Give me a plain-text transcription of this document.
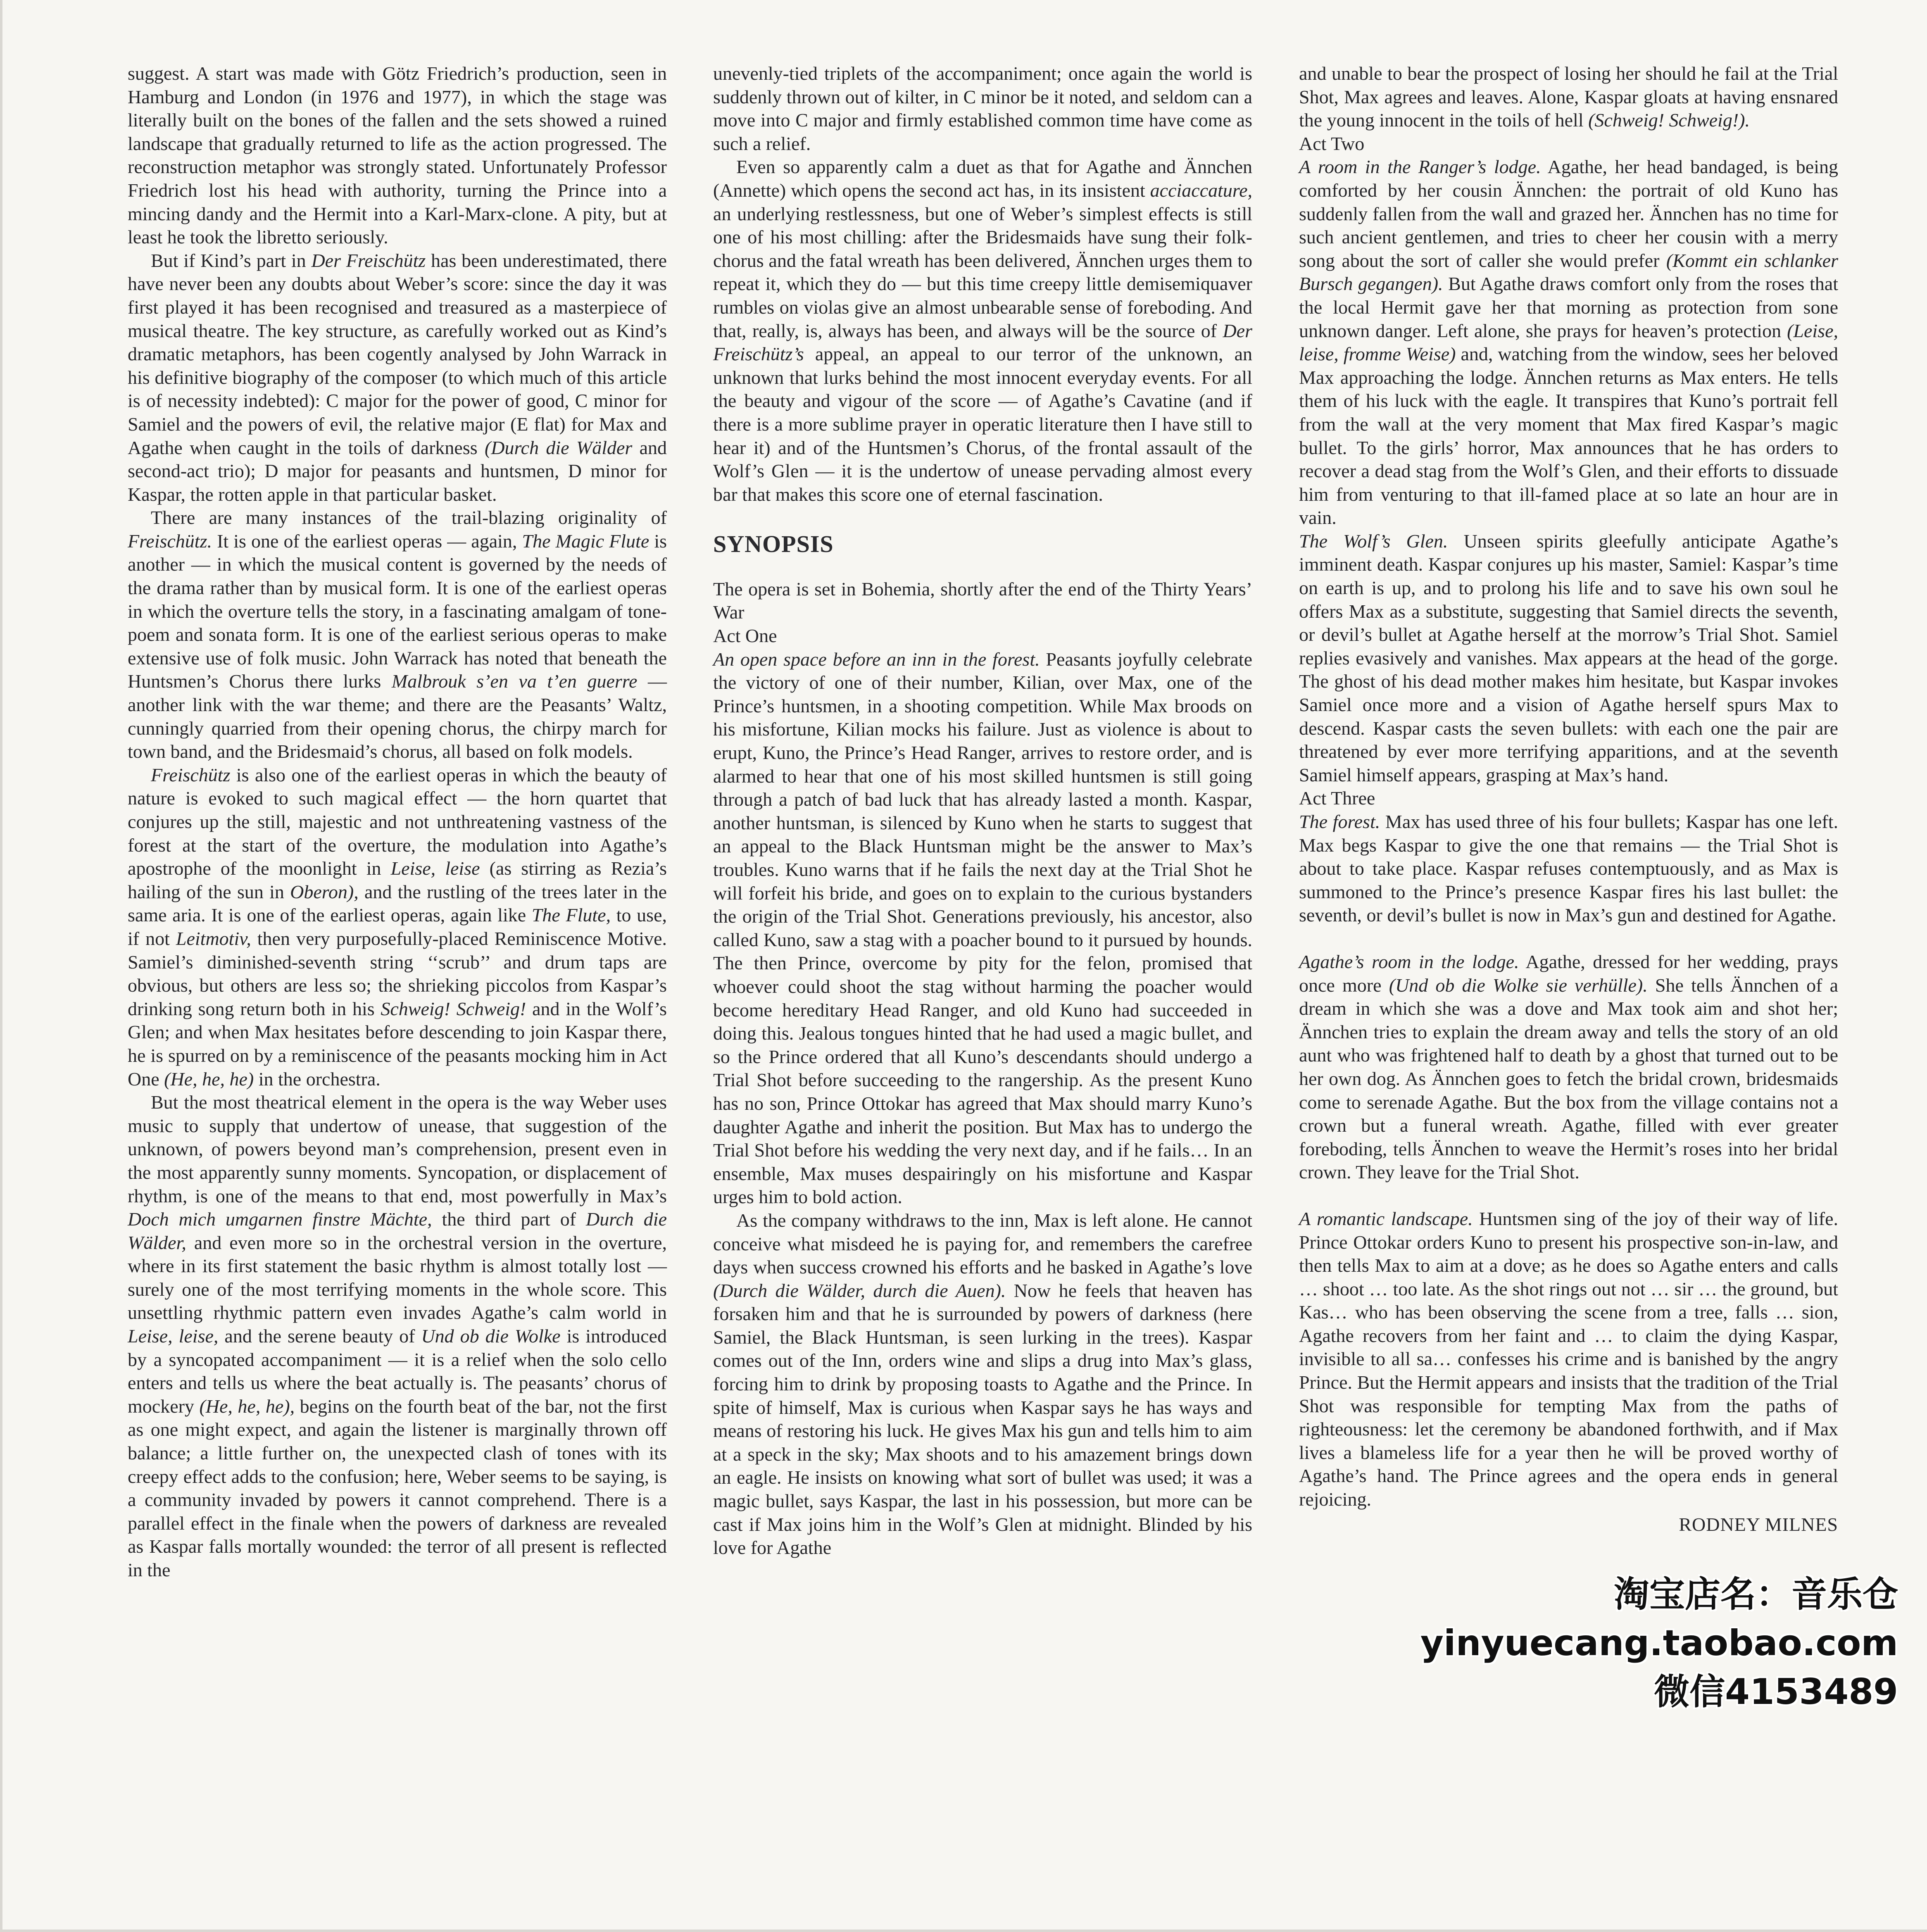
suggest. A start was made with Götz Friedrich’s production, seen in Hamburg and London (in 1976 and 1977), in which the stage was literally built on the bones of the fallen and the sets showed a ruined landscape that gradually returned to life as the action progressed. The reconstruction metaphor was strongly stated. Unfortunately Professor Friedrich lost his head with authority, turning the Prince into a mincing dandy and the Hermit into a Karl-Marx-clone. A pity, but at least he took the libretto seriously.

But if Kind’s part in Der Freischütz has been underestimated, there have never been any doubts about Weber’s score: since the day it was first played it has been recognised and treasured as a masterpiece of musical theatre. The key structure, as carefully worked out as Kind’s dramatic metaphors, has been cogently analysed by John Warrack in his definitive biography of the composer (to which much of this article is of necessity indebted): C major for the power of good, C minor for Samiel and the powers of evil, the relative major (E flat) for Max and Agathe when caught in the toils of darkness (Durch die Wälder and second-act trio); D major for peasants and huntsmen, D minor for Kaspar, the rotten apple in that particular basket.

There are many instances of the trail-blazing originality of Freischütz. It is one of the earliest operas — again, The Magic Flute is another — in which the musical content is governed by the needs of the drama rather than by musical form. It is one of the earliest operas in which the overture tells the story, in a fascinating amalgam of tone-poem and sonata form. It is one of the earliest serious operas to make extensive use of folk music. John Warrack has noted that beneath the Huntsmen’s Chorus there lurks Malbrouk s’en va t’en guerre — another link with the war theme; and there are the Peasants’ Waltz, cunningly quarried from their opening chorus, the chirpy march for town band, and the Bridesmaid’s chorus, all based on folk models.

Freischütz is also one of the earliest operas in which the beauty of nature is evoked to such magical effect — the horn quartet that conjures up the still, majestic and not unthreatening vastness of the forest at the start of the overture, the modulation into Agathe’s apostrophe of the moonlight in Leise, leise (as stirring as Rezia’s hailing of the sun in Oberon), and the rustling of the trees later in the same aria. It is one of the earliest operas, again like The Flute, to use, if not Leitmotiv, then very purposefully-placed Reminiscence Motive. Samiel’s diminished-seventh string ‘‘scrub’’ and drum taps are obvious, but others are less so; the shrieking piccolos from Kaspar’s drinking song return both in his Schweig! Schweig! and in the Wolf’s Glen; and when Max hesitates before descending to join Kaspar there, he is spurred on by a reminiscence of the peasants mocking him in Act One (He, he, he) in the orchestra.

But the most theatrical element in the opera is the way Weber uses music to supply that undertow of unease, that suggestion of the unknown, of powers beyond man’s comprehension, present even in the most apparently sunny moments. Syncopation, or displacement of rhythm, is one of the means to that end, most powerfully in Max’s Doch mich umgarnen finstre Mächte, the third part of Durch die Wälder, and even more so in the orchestral version in the overture, where in its first statement the basic rhythm is almost totally lost — surely one of the most terrifying moments in the whole score. This unsettling rhythmic pattern even invades Agathe’s calm world in Leise, leise, and the serene beauty of Und ob die Wolke is introduced by a syncopated accompaniment — it is a relief when the solo cello enters and tells us where the beat actually is. The peasants’ chorus of mockery (He, he, he), begins on the fourth beat of the bar, not the first as one might expect, and again the listener is marginally thrown off balance; a little further on, the unexpected clash of tones with its creepy effect adds to the confusion; here, Weber seems to be saying, is a community invaded by powers it cannot comprehend. There is a parallel effect in the finale when the powers of darkness are revealed as Kaspar falls mortally wounded: the terror of all present is reflected in the

unevenly-tied triplets of the accompaniment; once again the world is suddenly thrown out of kilter, in C minor be it noted, and seldom can a move into C major and firmly established common time have come as such a relief.

Even so apparently calm a duet as that for Agathe and Ännchen (Annette) which opens the second act has, in its insistent acciaccature, an underlying restlessness, but one of Weber’s simplest effects is still one of his most chilling: after the Bridesmaids have sung their folk-chorus and the fatal wreath has been delivered, Ännchen urges them to repeat it, which they do — but this time creepy little demisemiquaver rumbles on violas give an almost unbearable sense of foreboding. And that, really, is, always has been, and always will be the source of Der Freischütz’s appeal, an appeal to our terror of the unknown, an unknown that lurks behind the most innocent everyday events. For all the beauty and vigour of the score — of Agathe’s Cavatine (and if there is a more sublime prayer in operatic literature then I have still to hear it) and of the Huntsmen’s Chorus, of the frontal assault of the Wolf’s Glen — it is the undertow of unease pervading almost every bar that makes this score one of eternal fascination.

SYNOPSIS

The opera is set in Bohemia, shortly after the end of the Thirty Years’ War

Act One

An open space before an inn in the forest. Peasants joyfully celebrate the victory of one of their number, Kilian, over Max, one of the Prince’s huntsmen, in a shooting competition. While Max broods on his misfortune, Kilian mocks his failure. Just as violence is about to erupt, Kuno, the Prince’s Head Ranger, arrives to restore order, and is alarmed to hear that one of his most skilled huntsmen is still going through a patch of bad luck that has already lasted a month. Kaspar, another huntsman, is silenced by Kuno when he starts to suggest that an appeal to the Black Huntsman might be the answer to Max’s troubles. Kuno warns that if he fails the next day at the Trial Shot he will forfeit his bride, and goes on to explain to the curious bystanders the origin of the Trial Shot. Generations previously, his ancestor, also called Kuno, saw a stag with a poacher bound to it pursued by hounds. The then Prince, overcome by pity for the felon, promised that whoever could shoot the stag without harming the poacher would become hereditary Head Ranger, and old Kuno had succeeded in doing this. Jealous tongues hinted that he had used a magic bullet, and so the Prince ordered that all Kuno’s descendants should undergo a Trial Shot before succeeding to the rangership. As the present Kuno has no son, Prince Ottokar has agreed that Max should marry Kuno’s daughter Agathe and inherit the position. But Max has to undergo the Trial Shot before his wedding the very next day, and if he fails… In an ensemble, Max muses despairingly on his misfortune and Kaspar urges him to bold action.

As the company withdraws to the inn, Max is left alone. He cannot conceive what misdeed he is paying for, and remembers the carefree days when success crowned his efforts and he basked in Agathe’s love (Durch die Wälder, durch die Auen). Now he feels that heaven has forsaken him and that he is surrounded by powers of darkness (here Samiel, the Black Huntsman, is seen lurking in the trees). Kaspar comes out of the Inn, orders wine and slips a drug into Max’s glass, forcing him to drink by proposing toasts to Agathe and the Prince. In spite of himself, Max is curious when Kaspar says he has ways and means of restoring his luck. He gives Max his gun and tells him to aim at a speck in the sky; Max shoots and to his amazement brings down an eagle. He insists on knowing what sort of bullet was used; it was a magic bullet, says Kaspar, the last in his possession, but more can be cast if Max joins him in the Wolf’s Glen at midnight. Blinded by his love for Agathe

and unable to bear the prospect of losing her should he fail at the Trial Shot, Max agrees and leaves. Alone, Kaspar gloats at having ensnared the young innocent in the toils of hell (Schweig! Schweig!).

Act Two

A room in the Ranger’s lodge. Agathe, her head bandaged, is being comforted by her cousin Ännchen: the portrait of old Kuno has suddenly fallen from the wall and grazed her. Ännchen has no time for such ancient gentlemen, and tries to cheer her cousin with a merry song about the sort of caller she would prefer (Kommt ein schlanker Bursch gegangen). But Agathe draws comfort only from the roses that the local Hermit gave her that morning as protection from sone unknown danger. Left alone, she prays for heaven’s protection (Leise, leise, fromme Weise) and, watching from the window, sees her beloved Max approaching the lodge. Ännchen returns as Max enters. He tells them of his luck with the eagle. It transpires that Kuno’s portrait fell from the wall at the very moment that Max fired Kaspar’s magic bullet. To the girls’ horror, Max announces that he has orders to recover a dead stag from the Wolf’s Glen, and their efforts to dissuade him from venturing to that ill-famed place at so late an hour are in vain.

The Wolf’s Glen. Unseen spirits gleefully anticipate Agathe’s imminent death. Kaspar conjures up his master, Samiel: Kaspar’s time on earth is up, and to prolong his life and to save his own soul he offers Max as a substitute, suggesting that Samiel directs the seventh, or devil’s bullet at Agathe herself at the morrow’s Trial Shot. Samiel replies evasively and vanishes. Max appears at the head of the gorge. The ghost of his dead mother makes him hesitate, but Kaspar invokes Samiel once more and a vision of Agathe herself spurs Max to descend. Kaspar casts the seven bullets: with each one the pair are threatened by ever more terrifying apparitions, and at the seventh Samiel himself appears, grasping at Max’s hand.

Act Three

The forest. Max has used three of his four bullets; Kaspar has one left. Max begs Kaspar to give the one that remains — the Trial Shot is about to take place. Kaspar refuses contemptuously, and as Max is summoned to the Prince’s presence Kaspar fires his last bullet: the seventh, or devil’s bullet is now in Max’s gun and destined for Agathe.

Agathe’s room in the lodge. Agathe, dressed for her wedding, prays once more (Und ob die Wolke sie verhülle). She tells Ännchen of a dream in which she was a dove and Max took aim and shot her; Ännchen tries to explain the dream away and tells the story of an old aunt who was frightened half to death by a ghost that turned out to be her own dog. As Ännchen goes to fetch the bridal crown, bridesmaids come to serenade Agathe. But the box from the village contains not a crown but a funeral wreath. Agathe, filled with ever greater foreboding, tells Ännchen to weave the Hermit’s roses into her bridal crown. They leave for the Trial Shot.

A romantic landscape. Huntsmen sing of the joy of their way of life. Prince Ottokar orders Kuno to present his prospective son-in-law, and then tells Max to aim at a dove; as he does so Agathe enters and calls … shoot … too late. As the shot rings out not … sir … the ground, but Kas… who has been observing the scene from a tree, falls … sion, Agathe recovers from her faint and … to claim the dying Kaspar, invisible to all sa… confesses his crime and is banished by the angry Prince. But the Hermit appears and insists that the tradition of the Trial Shot was responsible for tempting Max from the paths of righteousness: let the ceremony be abandoned forthwith, and if Max lives a blameless life for a year then he will be proved worthy of Agathe’s hand. The Prince agrees and the opera ends in general rejoicing.

RODNEY MILNES
淘宝店名：音乐仓
yinyuecang.taobao.com
微信4153489
